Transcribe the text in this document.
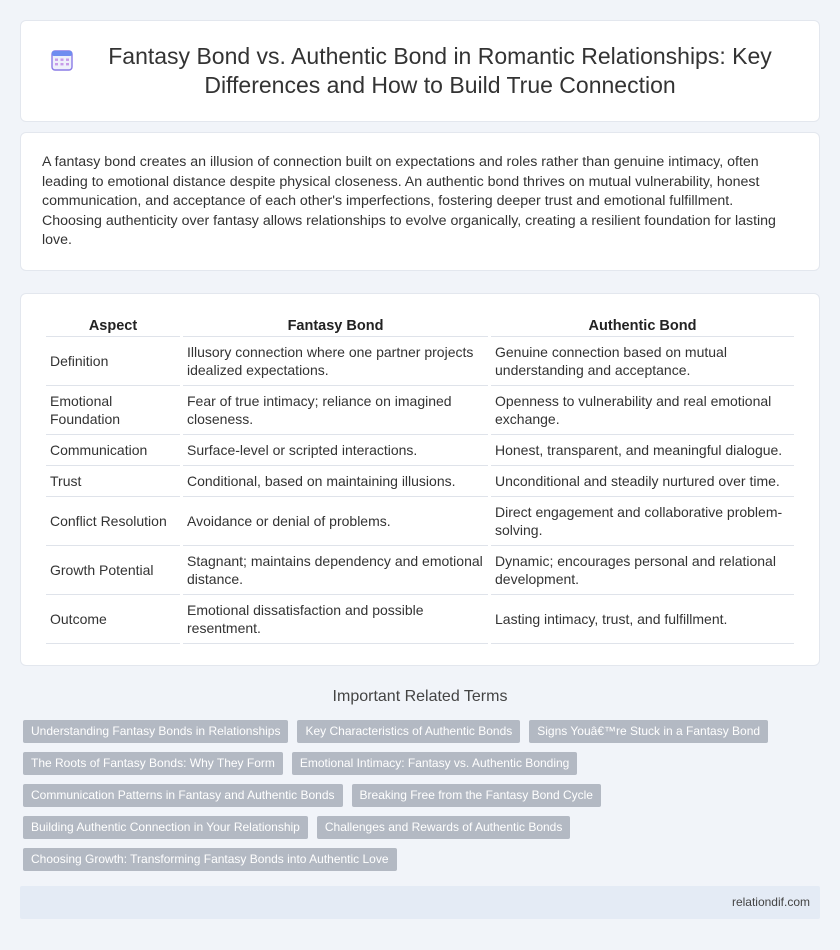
Fantasy Bond vs. Authentic Bond in Romantic Relationships: Key Differences and How to Build True Connection

A fantasy bond creates an illusion of connection built on expectations and roles rather than genuine intimacy, often leading to emotional distance despite physical closeness. An authentic bond thrives on mutual vulnerability, honest communication, and acceptance of each other's imperfections, fostering deeper trust and emotional fulfillment. Choosing authenticity over fantasy allows relationships to evolve organically, creating a resilient foundation for lasting love.

Aspect	Fantasy Bond	Authentic Bond
Definition	Illusory connection where one partner projects idealized expectations.	Genuine connection based on mutual understanding and acceptance.
Emotional Foundation	Fear of true intimacy; reliance on imagined closeness.	Openness to vulnerability and real emotional exchange.
Communication	Surface-level or scripted interactions.	Honest, transparent, and meaningful dialogue.
Trust	Conditional, based on maintaining illusions.	Unconditional and steadily nurtured over time.
Conflict Resolution	Avoidance or denial of problems.	Direct engagement and collaborative problem-solving.
Growth Potential	Stagnant; maintains dependency and emotional distance.	Dynamic; encourages personal and relational development.
Outcome	Emotional dissatisfaction and possible resentment.	Lasting intimacy, trust, and fulfillment.
Important Related Terms
Understanding Fantasy Bonds in Relationships	Key Characteristics of Authentic Bonds	Signs Youâ€™re Stuck in a Fantasy Bond
The Roots of Fantasy Bonds: Why They Form	Emotional Intimacy: Fantasy vs. Authentic Bonding
Communication Patterns in Fantasy and Authentic Bonds	Breaking Free from the Fantasy Bond Cycle
Building Authentic Connection in Your Relationship	Challenges and Rewards of Authentic Bonds
Choosing Growth: Transforming Fantasy Bonds into Authentic Love
relationdif.com
